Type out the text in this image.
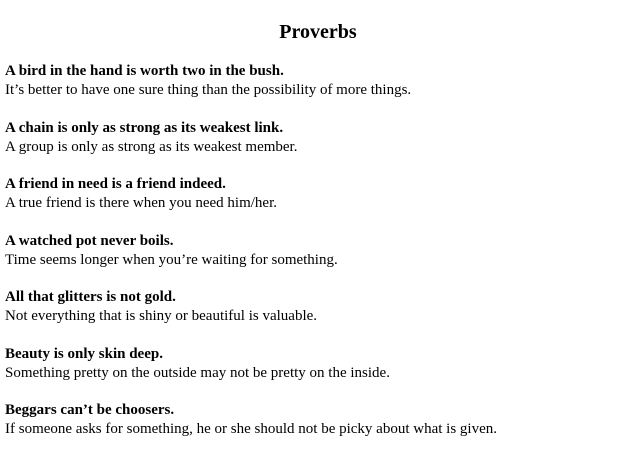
Proverbs
A bird in the hand is worth two in the bush.
It’s better to have one sure thing than the possibility of more things.
A chain is only as strong as its weakest link.
A group is only as strong as its weakest member.
A friend in need is a friend indeed.
A true friend is there when you need him/her.
A watched pot never boils.
Time seems longer when you’re waiting for something.
All that glitters is not gold.
Not everything that is shiny or beautiful is valuable.
Beauty is only skin deep.
Something pretty on the outside may not be pretty on the inside.
Beggars can’t be choosers.
If someone asks for something, he or she should not be picky about what is given.
